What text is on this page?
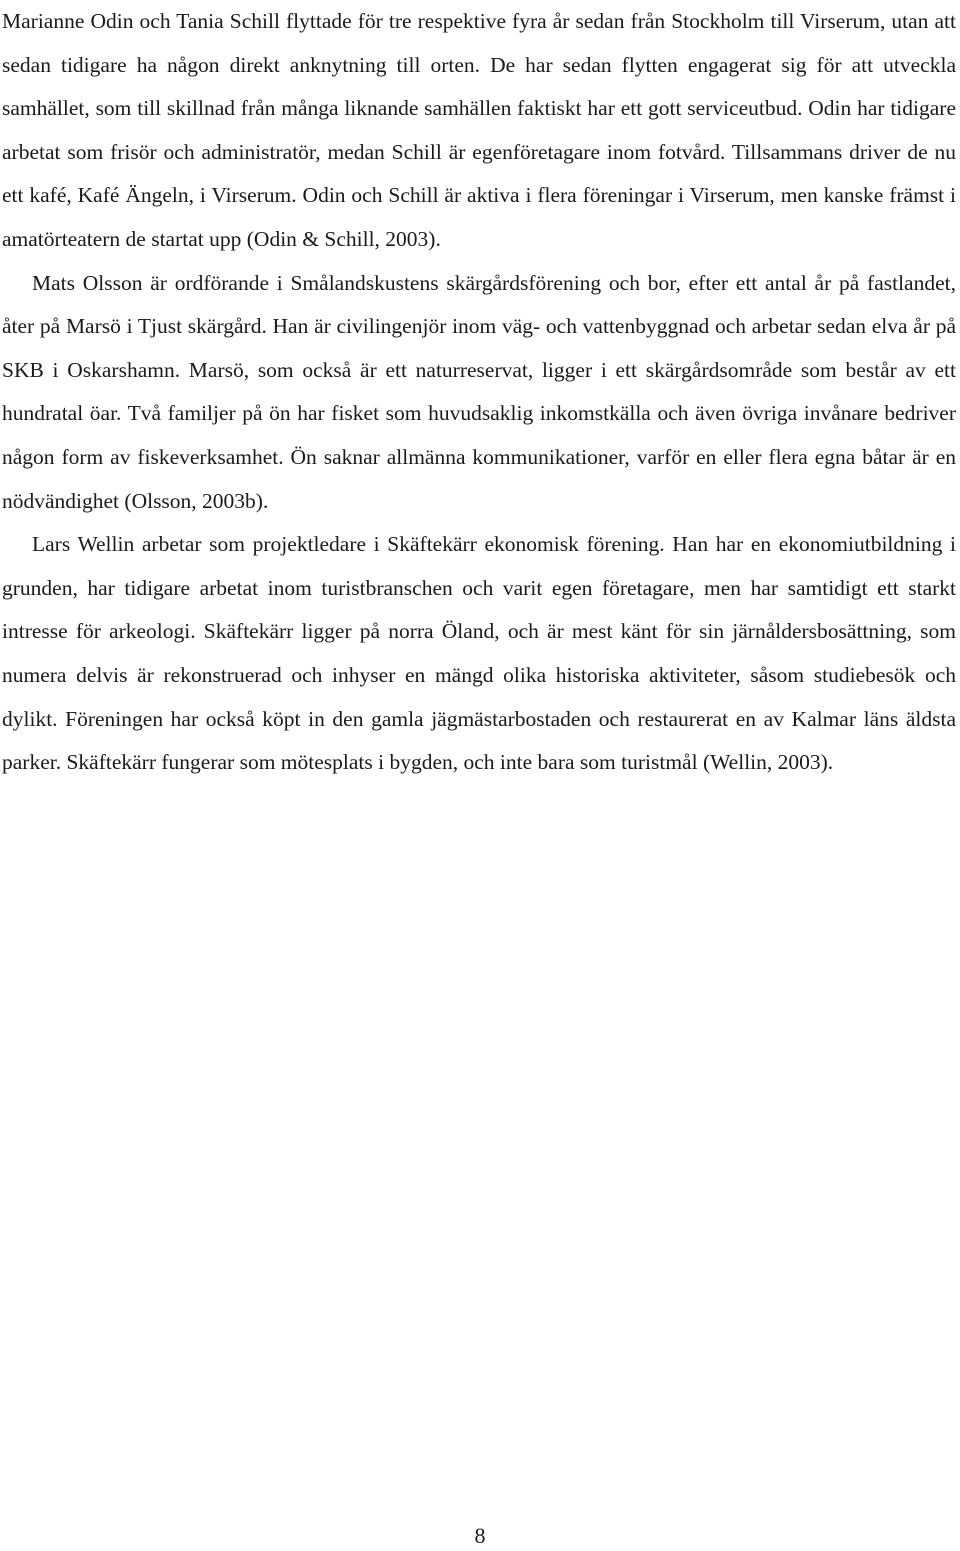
Marianne Odin och Tania Schill flyttade för tre respektive fyra år sedan från Stockholm till Virserum, utan att sedan tidigare ha någon direkt anknytning till orten. De har sedan flytten engagerat sig för att utveckla samhället, som till skillnad från många liknande samhällen faktiskt har ett gott serviceutbud. Odin har tidigare arbetat som frisör och administratör, medan Schill är egenföretagare inom fotvård. Tillsammans driver de nu ett kafé, Kafé Ängeln, i Virserum. Odin och Schill är aktiva i flera föreningar i Virserum, men kanske främst i amatörteatern de startat upp (Odin & Schill, 2003).

Mats Olsson är ordförande i Smålandskustens skärgårdsförening och bor, efter ett antal år på fastlandet, åter på Marsö i Tjust skärgård. Han är civilingenjör inom väg- och vattenbyggnad och arbetar sedan elva år på SKB i Oskarshamn. Marsö, som också är ett naturreservat, ligger i ett skärgårdsområde som består av ett hundratal öar. Två familjer på ön har fisket som huvudsaklig inkomstkälla och även övriga invånare bedriver någon form av fiskeverksamhet. Ön saknar allmänna kommunikationer, varför en eller flera egna båtar är en nödvändighet (Olsson, 2003b).

Lars Wellin arbetar som projektledare i Skäftekärr ekonomisk förening. Han har en ekonomiutbildning i grunden, har tidigare arbetat inom turistbranschen och varit egen företagare, men har samtidigt ett starkt intresse för arkeologi. Skäftekärr ligger på norra Öland, och är mest känt för sin järnåldersbosättning, som numera delvis är rekonstruerad och inhyser en mängd olika historiska aktiviteter, såsom studiebesök och dylikt. Föreningen har också köpt in den gamla jägmästarbostaden och restaurerat en av Kalmar läns äldsta parker. Skäftekärr fungerar som mötesplats i bygden, och inte bara som turistmål (Wellin, 2003).

8
